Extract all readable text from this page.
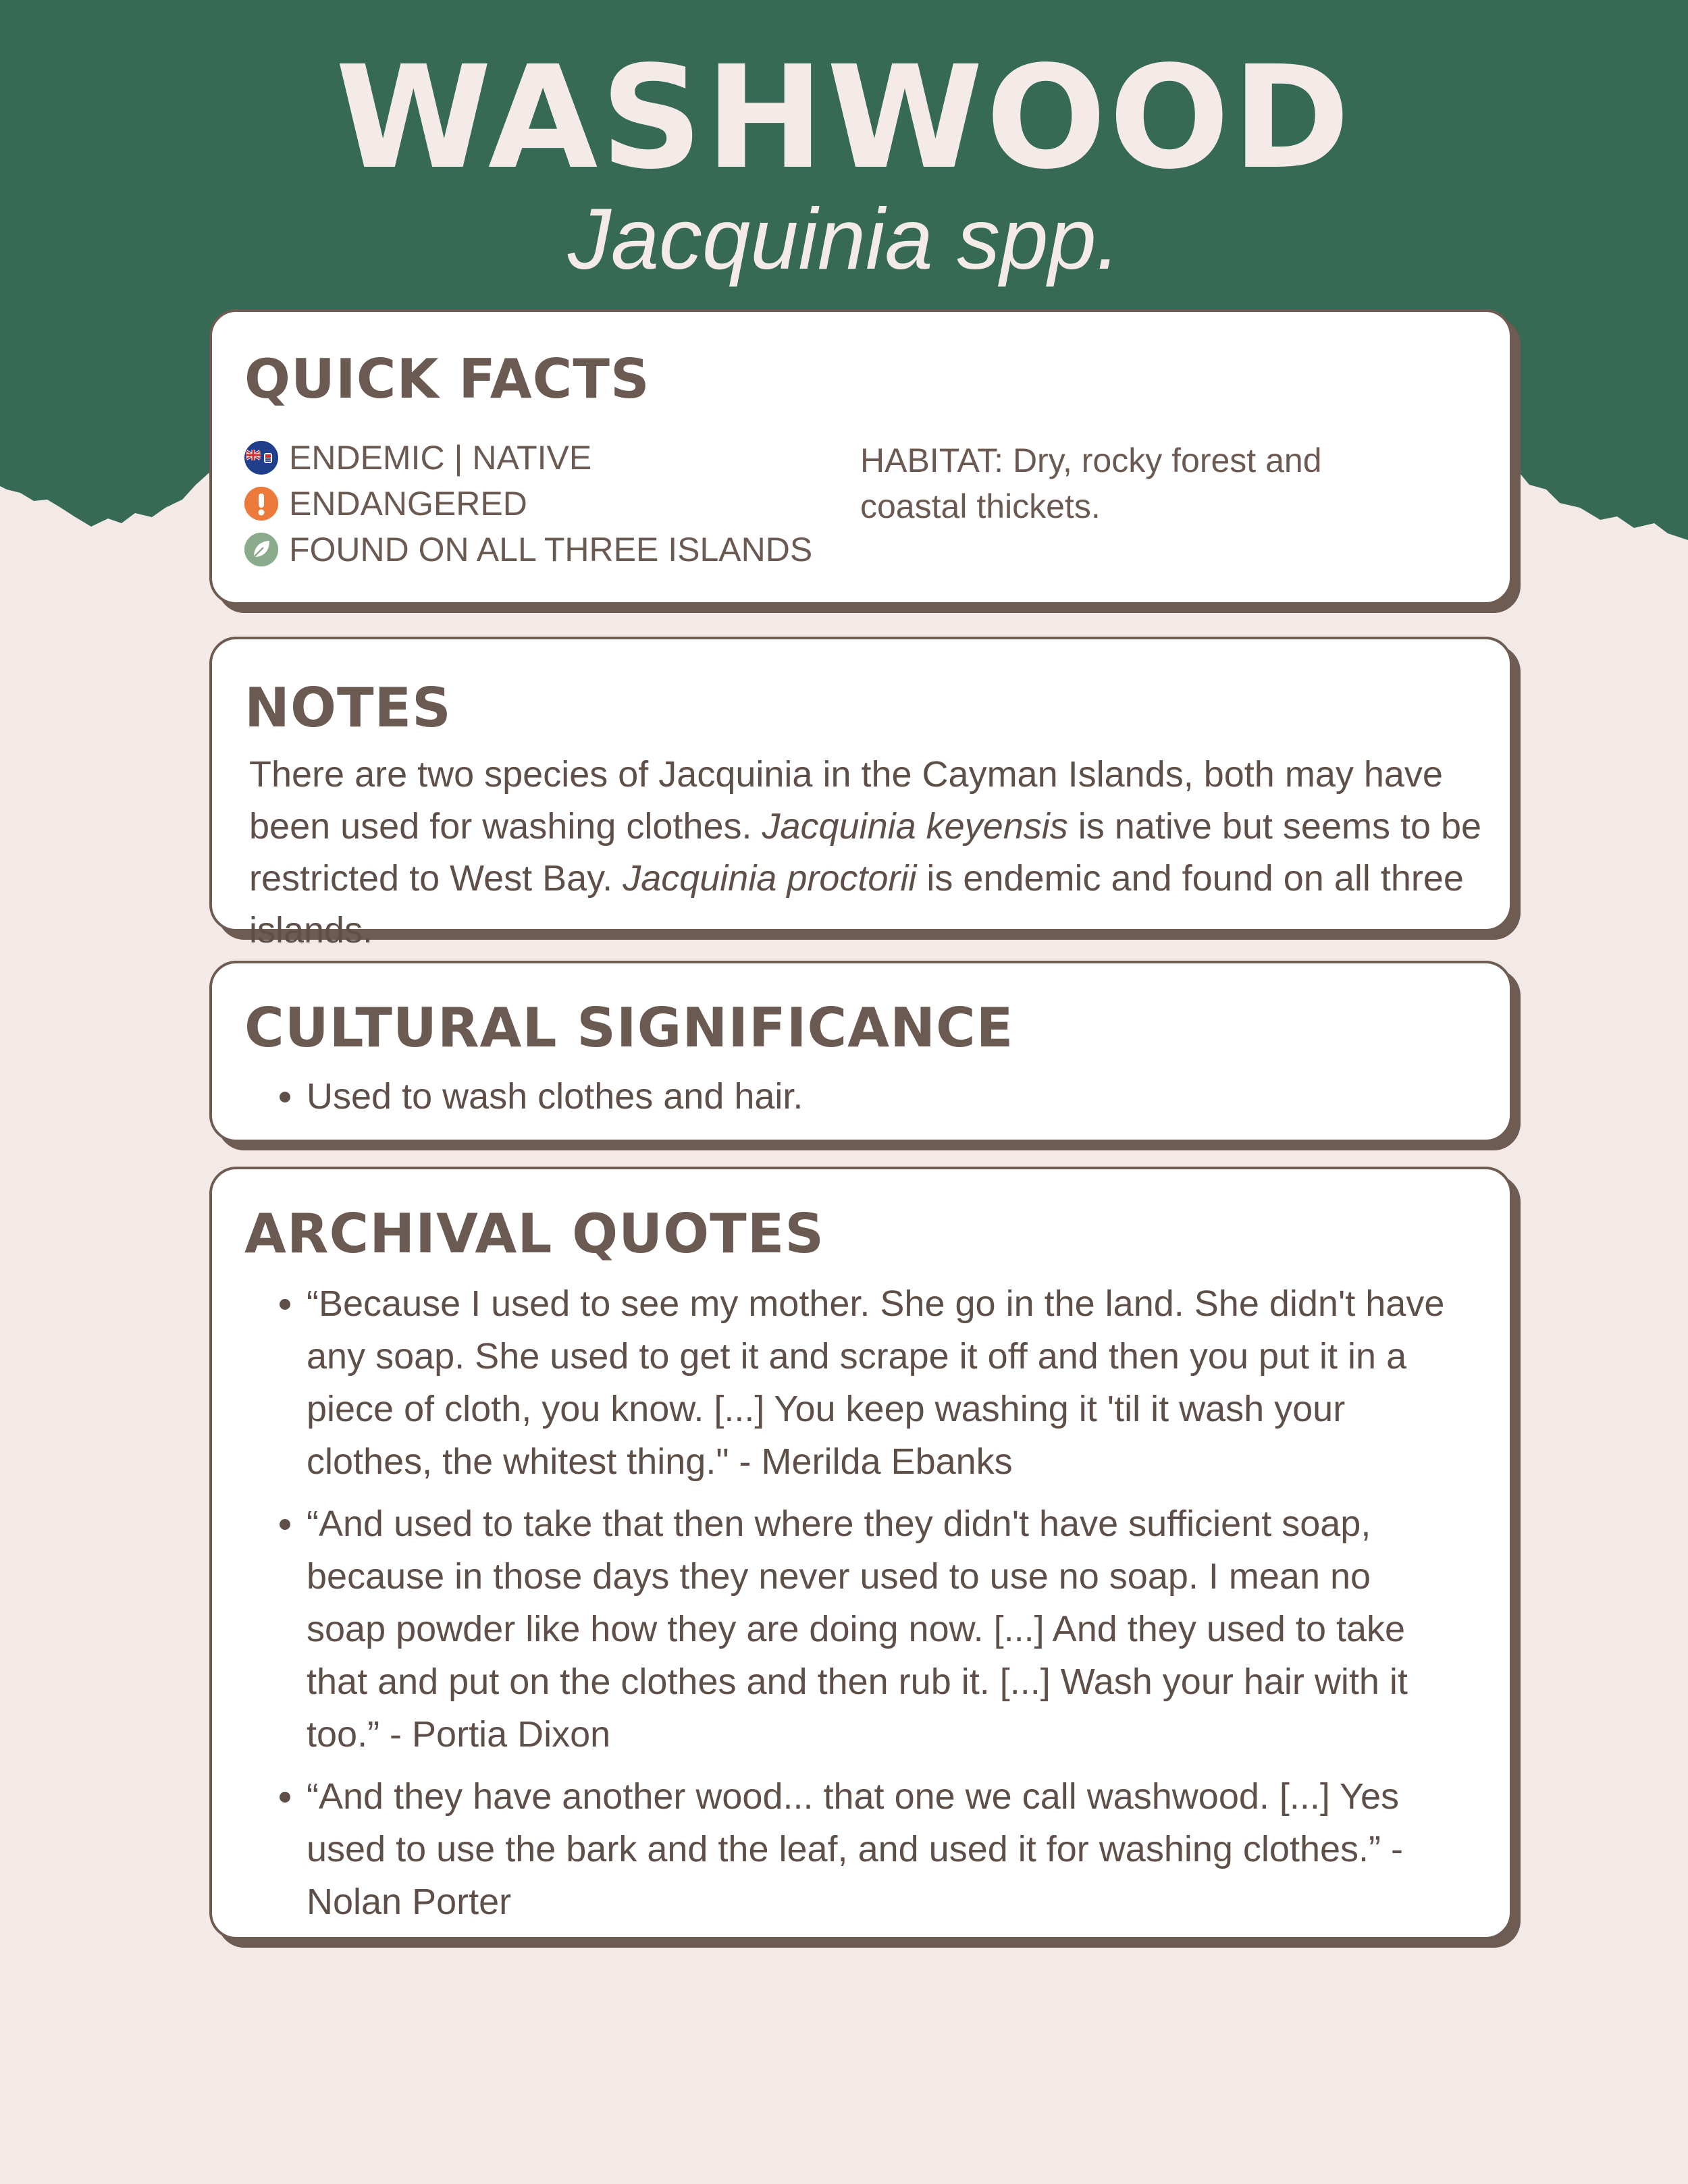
WASHWOOD
Jacquinia spp.
QUICK FACTS
ENDEMIC | NATIVE
ENDANGERED
FOUND ON ALL THREE ISLANDS
HABITAT: Dry, rocky forest and coastal thickets.
NOTES

There are two species of Jacquinia in the Cayman Islands, both may have been used for washing clothes. Jacquinia keyensis is native but seems to be restricted to West Bay. Jacquinia proctorii is endemic and found on all three islands.

CULTURAL SIGNIFICANCE
Used to wash clothes and hair.
ARCHIVAL QUOTES
“Because I used to see my mother. She go in the land. She didn't have any soap. She used to get it and scrape it off and then you put it in a piece of cloth, you know. [...] You keep washing it 'til it wash your clothes, the whitest thing." - Merilda Ebanks
“And used to take that then where they didn't have sufficient soap, because in those days they never used to use no soap. I mean no soap powder like how they are doing now. [...] And they used to take that and put on the clothes and then rub it. [...] Wash your hair with it too.” - Portia Dixon
“And they have another wood... that one we call washwood. [...] Yes used to use the bark and the leaf, and used it for washing clothes.” - Nolan Porter
